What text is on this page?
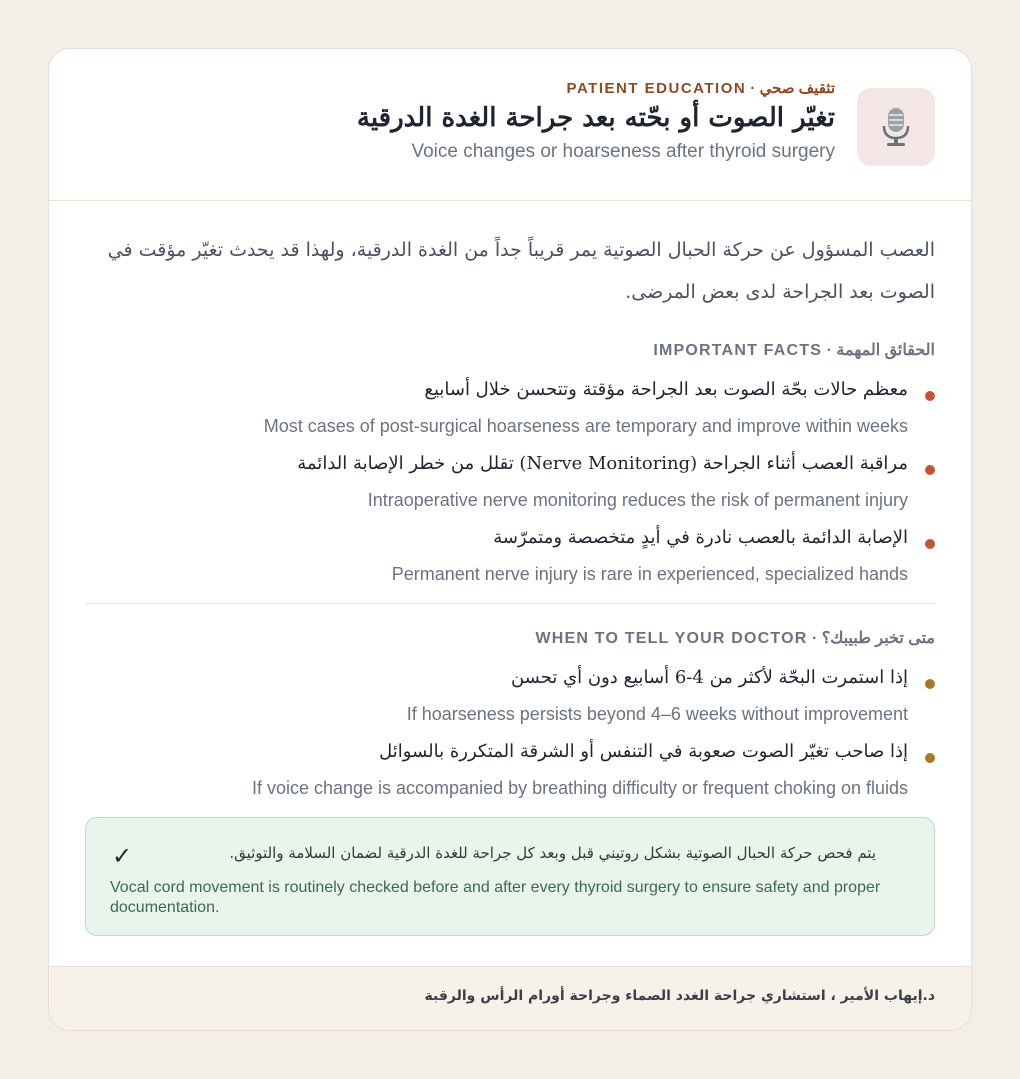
تثقيف صحي · PATIENT EDUCATION
تغيّر الصوت أو بحّته بعد جراحة الغدة الدرقية
Voice changes or hoarseness after thyroid surgery
العصب المسؤول عن حركة الحبال الصوتية يمر قريباً جداً من الغدة الدرقية، ولهذا قد يحدث تغيّر مؤقت في الصوت بعد الجراحة لدى بعض المرضى.
الحقائق المهمة · IMPORTANT FACTS
معظم حالات بحّة الصوت بعد الجراحة مؤقتة وتتحسن خلال أسابيع
Most cases of post-surgical hoarseness are temporary and improve within weeks
مراقبة العصب أثناء الجراحة (Nerve Monitoring) تقلل من خطر الإصابة الدائمة
Intraoperative nerve monitoring reduces the risk of permanent injury
الإصابة الدائمة بالعصب نادرة في أيدٍ متخصصة ومتمرّسة
Permanent nerve injury is rare in experienced, specialized hands
متى تخبر طبيبك؟ · WHEN TO TELL YOUR DOCTOR
إذا استمرت البحّة لأكثر من 4-6 أسابيع دون أي تحسن
If hoarseness persists beyond 4–6 weeks without improvement
إذا صاحب تغيّر الصوت صعوبة في التنفس أو الشرقة المتكررة بالسوائل
If voice change is accompanied by breathing difficulty or frequent choking on fluids
✓	يتم فحص حركة الحبال الصوتية بشكل روتيني قبل وبعد كل جراحة للغدة الدرقية لضمان السلامة والتوثيق.
Vocal cord movement is routinely checked before and after every thyroid surgery to ensure safety and proper documentation.
د.إيهاب الأمير ، استشاري جراحة الغدد الصماء وجراحة أورام الرأس والرقبة
